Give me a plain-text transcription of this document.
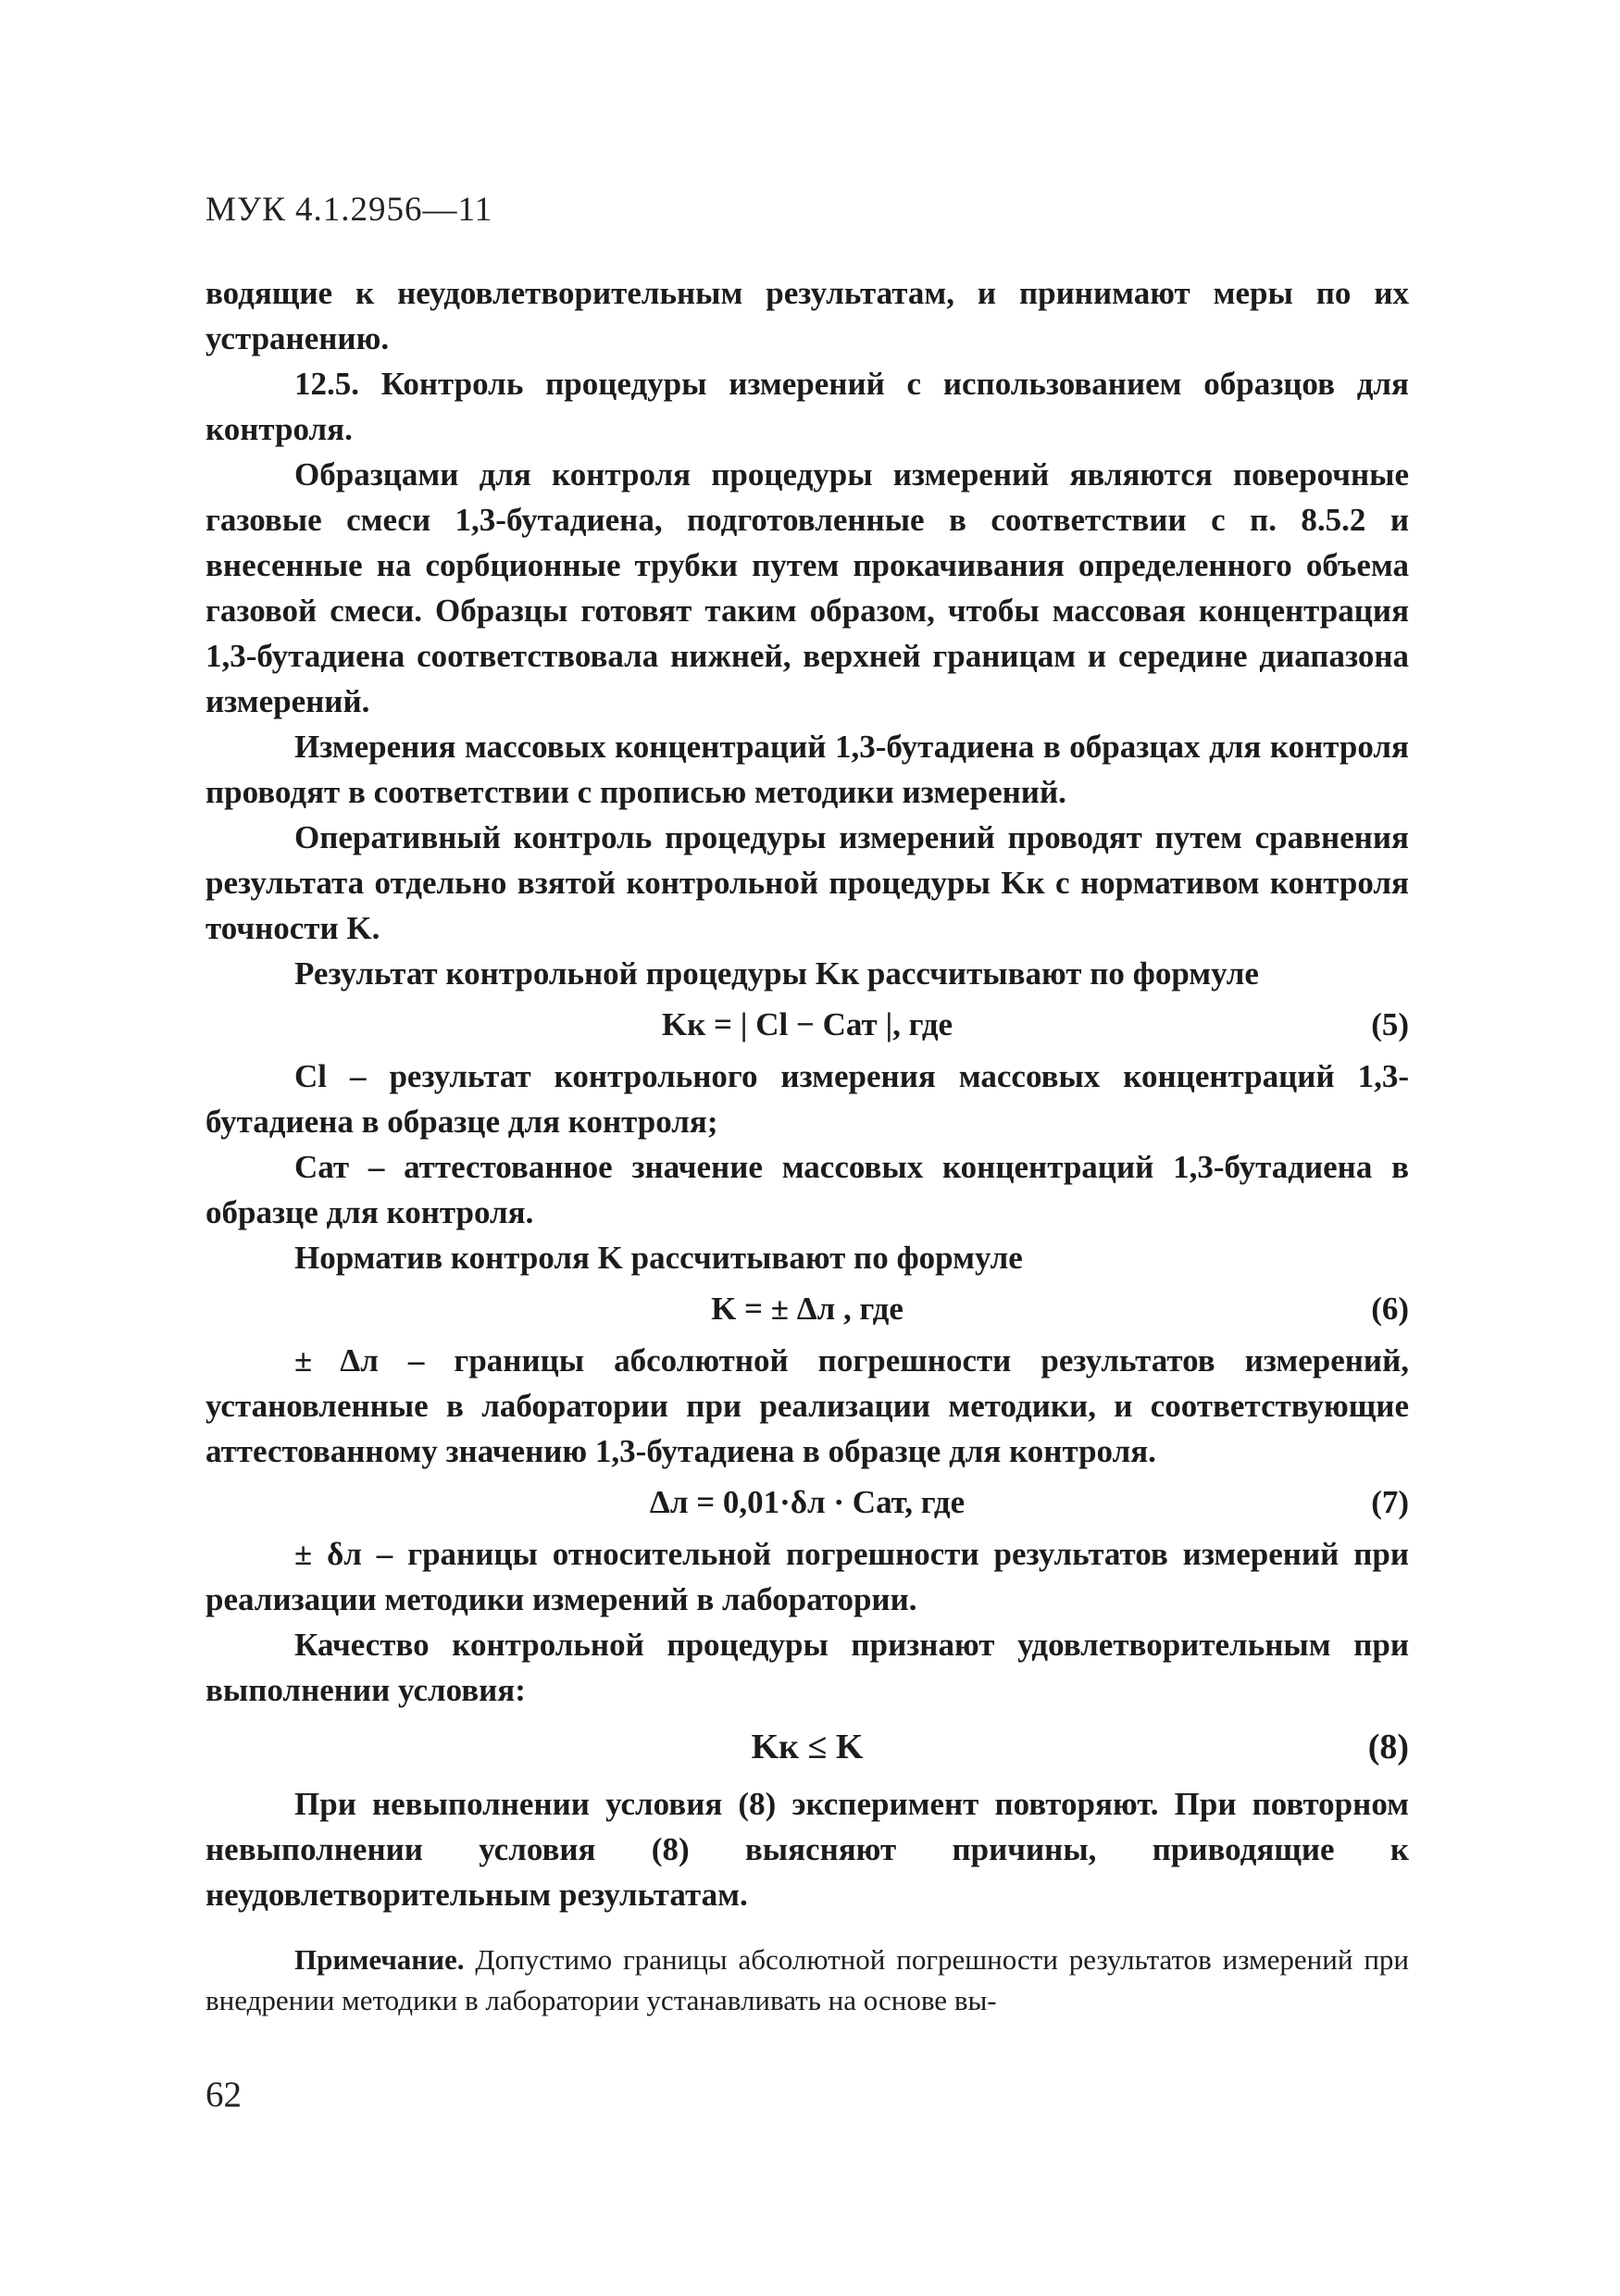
МУК 4.1.2956—11

водящие к неудовлетворительным результатам, и принимают меры по их устранению.

12.5. Контроль процедуры измерений с использованием образцов для контроля.

Образцами для контроля процедуры измерений являются поверочные газовые смеси 1,3-бутадиена, подготовленные в соответствии с п. 8.5.2 и внесенные на сорбционные трубки путем прокачивания определенного объема газовой смеси. Образцы готовят таким образом, чтобы массовая концентрация 1,3-бутадиена соответствовала нижней, верхней границам и середине диапазона измерений.

Измерения массовых концентраций 1,3-бутадиена в образцах для контроля проводят в соответствии с прописью методики измерений.

Оперативный контроль процедуры измерений проводят путем сравнения результата отдельно взятой контрольной процедуры Kк с нормативом контроля точности K.

Результат контрольной процедуры Kк рассчитывают по формуле

Kк = | Cl − Cат |, где	(5)

Cl – результат контрольного измерения массовых концентраций 1,3-бутадиена в образце для контроля;

Cат – аттестованное значение массовых концентраций 1,3-бутадиена в образце для контроля.

Норматив контроля K рассчитывают по формуле

K = ± Δл , где	(6)

± Δл – границы абсолютной погрешности результатов измерений, установленные в лаборатории при реализации методики, и соответствующие аттестованному значению 1,3-бутадиена в образце для контроля.

Δл = 0,01·δл · Cат, где	(7)

± δл – границы относительной погрешности результатов измерений при реализации методики измерений в лаборатории.

Качество контрольной процедуры признают удовлетворительным при выполнении условия:

Kк ≤ K	(8)

При невыполнении условия (8) эксперимент повторяют. При повторном невыполнении условия (8) выясняют причины, приводящие к неудовлетворительным результатам.

Примечание. Допустимо границы абсолютной погрешности результатов измерений при внедрении методики в лаборатории устанавливать на основе вы-
62
